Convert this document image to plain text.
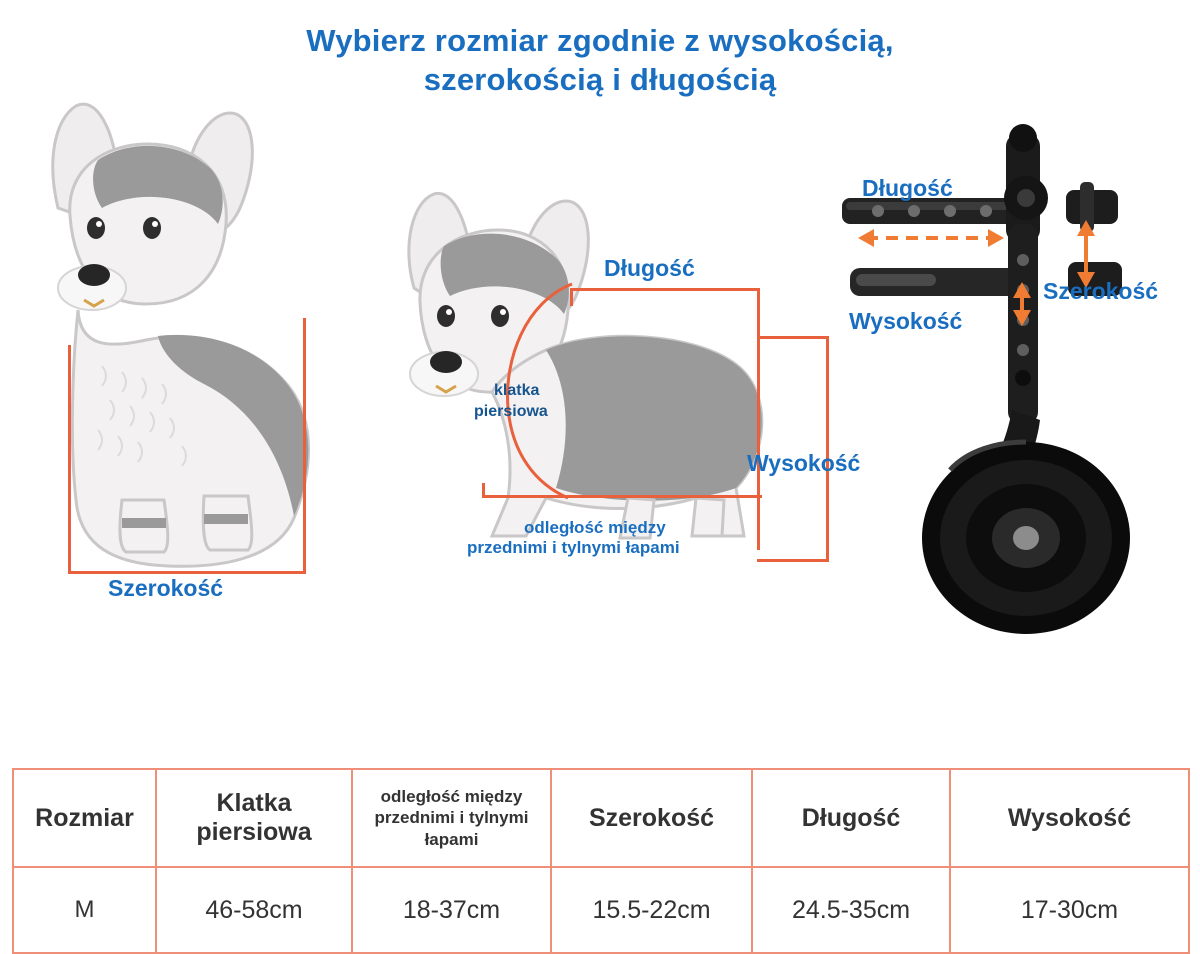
Wybierz rozmiar zgodnie z wysokością, szerokością i długością
Szerokość
Długość
Wysokość
klatka
piersiowa
odległość między
przednimi i tylnymi łapami
Długość
Szerokość
Wysokość
Rozmiar	Klatka piersiowa	odległość między przednimi i tylnymi łapami	Szerokość	Długość	Wysokość
M	46-58cm	18-37cm	15.5-22cm	24.5-35cm	17-30cm
